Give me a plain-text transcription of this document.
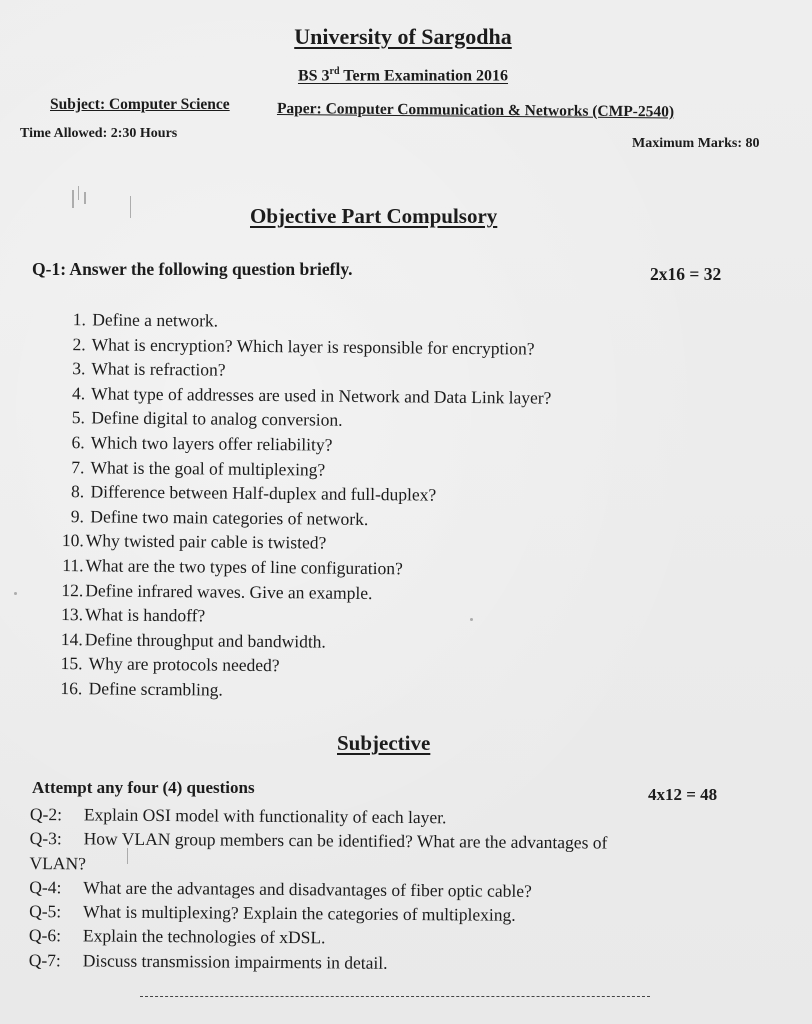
University of Sargodha
BS 3rd Term Examination 2016
Subject: Computer Science	Paper: Computer Communication & Networks (CMP-2540)
Time Allowed: 2:30 Hours
Maximum Marks: 80
Objective Part Compulsory
Q-1: Answer the following question briefly.	2x16 = 32
1. Define a network.
2. What is encryption? Which layer is responsible for encryption?
3. What is refraction?
4. What type of addresses are used in Network and Data Link layer?
5. Define digital to analog conversion.
6. Which two layers offer reliability?
7. What is the goal of multiplexing?
8. Difference between Half-duplex and full-duplex?
9. Define two main categories of network.
10. Why twisted pair cable is twisted?
11. What are the two types of line configuration?
12. Define infrared waves. Give an example.
13. What is handoff?
14. Define throughput and bandwidth.
15. Why are protocols needed?
16. Define scrambling.
Subjective
Attempt any four (4) questions	4x12 = 48
Q-2: Explain OSI model with functionality of each layer.
Q-3: How VLAN group members can be identified? What are the advantages of
VLAN?
Q-4: What are the advantages and disadvantages of fiber optic cable?
Q-5: What is multiplexing? Explain the categories of multiplexing.
Q-6: Explain the technologies of xDSL.
Q-7: Discuss transmission impairments in detail.
